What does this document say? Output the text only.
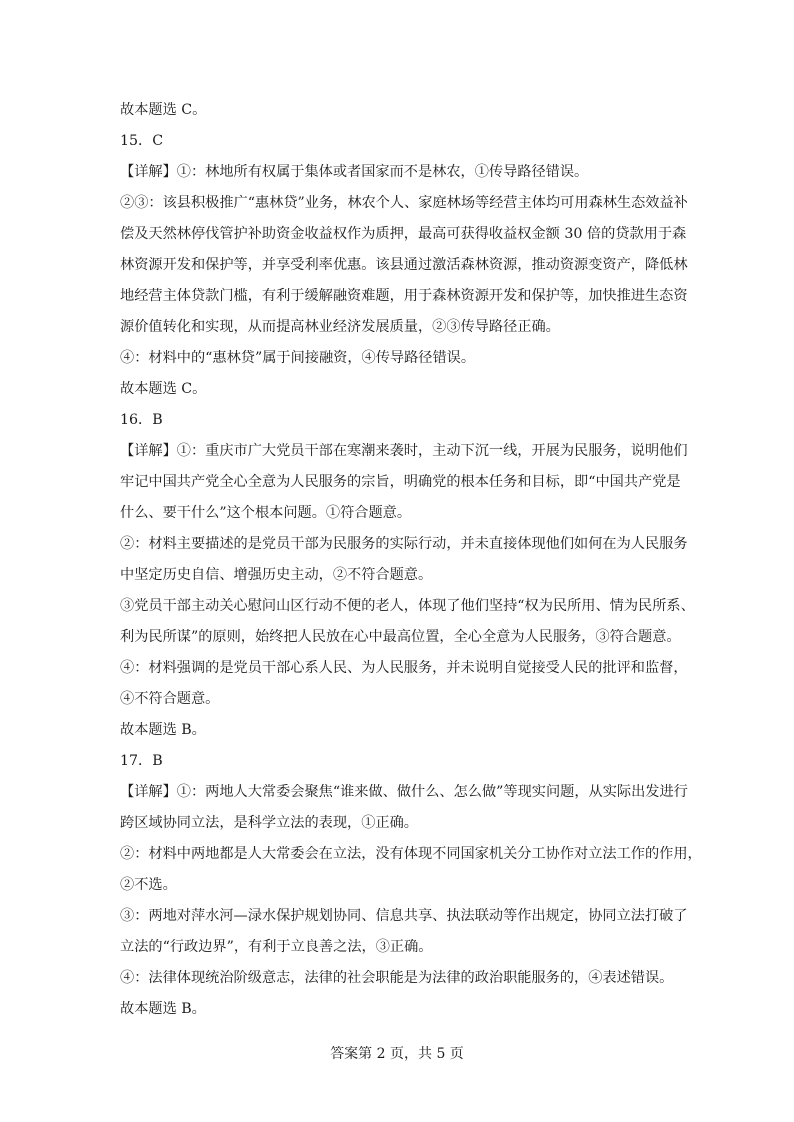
故本题选 C。

15．C

【详解】①：林地所有权属于集体或者国家而不是林农，①传导路径错误。

②③：该县积极推广“惠林贷”业务，林农个人、家庭林场等经营主体均可用森林生态效益补

偿及天然林停伐管护补助资金收益权作为质押，最高可获得收益权金额 30 倍的贷款用于森

林资源开发和保护等，并享受利率优惠。该县通过激活森林资源，推动资源变资产，降低林

地经营主体贷款门槛，有利于缓解融资难题，用于森林资源开发和保护等，加快推进生态资

源价值转化和实现，从而提高林业经济发展质量，②③传导路径正确。

④：材料中的“惠林贷”属于间接融资，④传导路径错误。

故本题选 C。

16．B

【详解】①：重庆市广大党员干部在寒潮来袭时，主动下沉一线，开展为民服务，说明他们

牢记中国共产党全心全意为人民服务的宗旨，明确党的根本任务和目标，即“中国共产党是

什么、要干什么”这个根本问题。①符合题意。

②：材料主要描述的是党员干部为民服务的实际行动，并未直接体现他们如何在为人民服务

中坚定历史自信、增强历史主动，②不符合题意。

③党员干部主动关心慰问山区行动不便的老人，体现了他们坚持“权为民所用、情为民所系、

利为民所谋”的原则，始终把人民放在心中最高位置，全心全意为人民服务，③符合题意。

④：材料强调的是党员干部心系人民、为人民服务，并未说明自觉接受人民的批评和监督，

④不符合题意。

故本题选 B。

17．B

【详解】①：两地人大常委会聚焦“谁来做、做什么、怎么做”等现实问题，从实际出发进行

跨区域协同立法，是科学立法的表现，①正确。

②：材料中两地都是人大常委会在立法，没有体现不同国家机关分工协作对立法工作的作用，

②不选。

③：两地对萍水河—渌水保护规划协同、信息共享、执法联动等作出规定，协同立法打破了

立法的“行政边界”，有利于立良善之法，③正确。

④：法律体现统治阶级意志，法律的社会职能是为法律的政治职能服务的，④表述错误。

故本题选 B。

答案第 2 页，共 5 页
